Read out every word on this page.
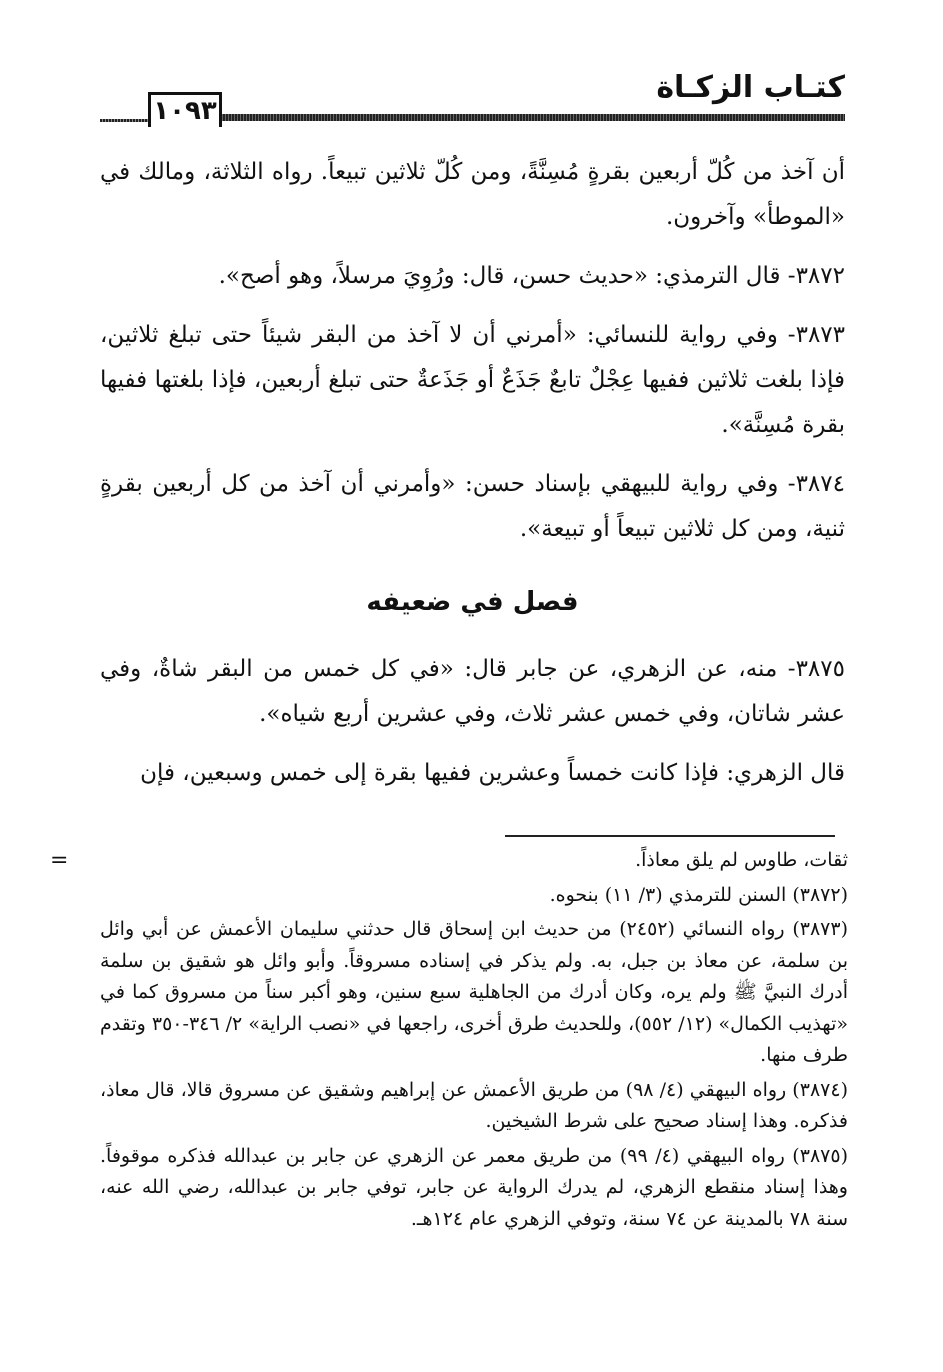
كتـاب الزكـاة
١٠٩٣

أن آخذ من كُلّ أربعين بقرةٍ مُسِنَّةً، ومن كُلّ ثلاثين تبيعاً. رواه الثلاثة، ومالك في «الموطأ» وآخرون.

٣٨٧٢- قال الترمذي: «حديث حسن، قال: ورُوِيَ مرسلاً، وهو أصح».

٣٨٧٣- وفي رواية للنسائي: «أمرني أن لا آخذ من البقر شيئاً حتى تبلغ ثلاثين، فإذا بلغت ثلاثين ففيها عِجْلٌ تابعٌ جَذَعٌ أو جَذَعةٌ حتى تبلغ أربعين، فإذا بلغتها ففيها بقرة مُسِنَّة».

٣٨٧٤- وفي رواية للبيهقي بإسناد حسن: «وأمرني أن آخذ من كل أربعين بقرةٍ ثنية، ومن كل ثلاثين تبيعاً أو تبيعة».

فصل في ضعيفه

٣٨٧٥- منه، عن الزهري، عن جابر قال: «في كل خمس من البقر شاةٌ، وفي عشر شاتان، وفي خمس عشر ثلاث، وفي عشرين أربع شياه».

قال الزهري: فإذا كانت خمساً وعشرين ففيها بقرة إلى خمس وسبعين، فإن

=	ثقات، طاوس لم يلق معاذاً.
(٣٨٧٢) السنن للترمذي (٣/ ١١) بنحوه.
(٣٨٧٣) رواه النسائي (٢٤٥٢) من حديث ابن إسحاق قال حدثني سليمان الأعمش عن أبي وائل بن سلمة، عن معاذ بن جبل، به. ولم يذكر في إسناده مسروقاً. وأبو وائل هو شقيق بن سلمة أدرك النبيَّ ﷺ ولم يره، وكان أدرك من الجاهلية سبع سنين، وهو أكبر سناً من مسروق كما في «تهذيب الكمال» (١٢/ ٥٥٢)، وللحديث طرق أخرى، راجعها في «نصب الراية» ٢/ ٣٤٦-٣٥٠ وتقدم طرف منها.
(٣٨٧٤) رواه البيهقي (٤/ ٩٨) من طريق الأعمش عن إبراهيم وشقيق عن مسروق قالا، قال معاذ، فذكره. وهذا إسناد صحيح على شرط الشيخين.
(٣٨٧٥) رواه البيهقي (٤/ ٩٩) من طريق معمر عن الزهري عن جابر بن عبدالله فذكره موقوفاً. وهذا إسناد منقطع الزهري، لم يدرك الرواية عن جابر، توفي جابر بن عبدالله، رضي الله عنه، سنة ٧٨ بالمدينة عن ٧٤ سنة، وتوفي الزهري عام ١٢٤هـ.
